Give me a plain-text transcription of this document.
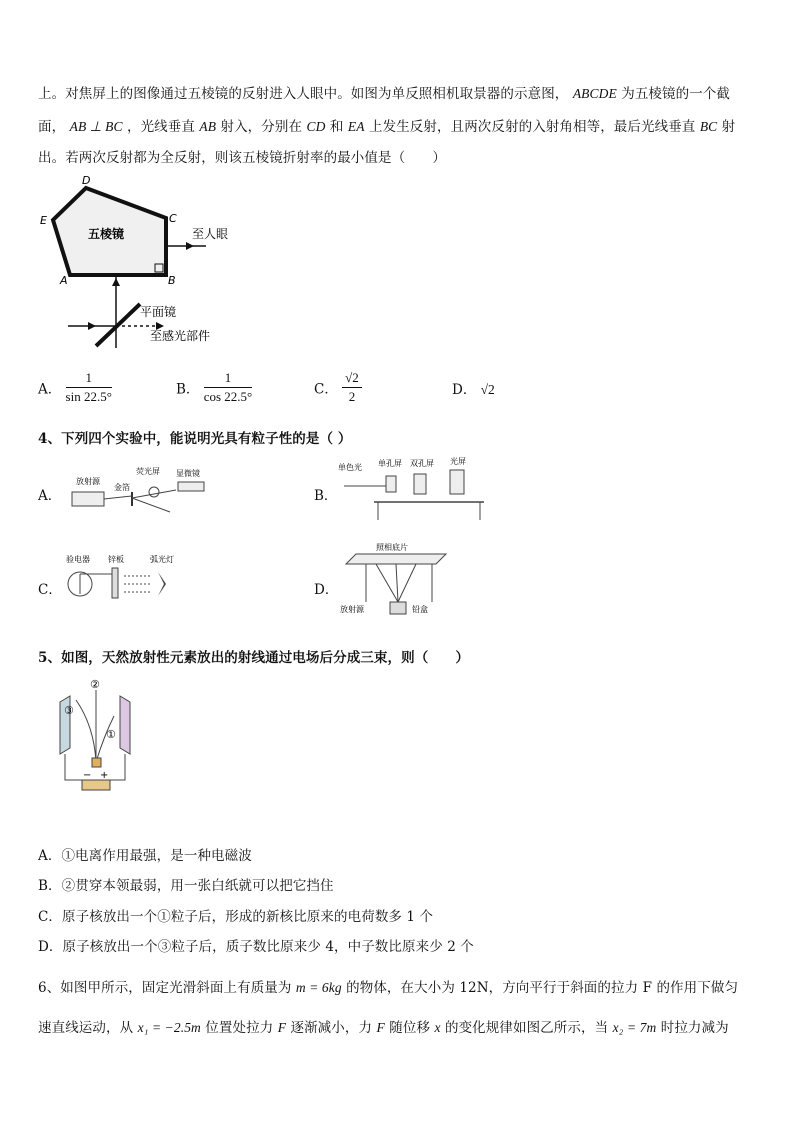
上。对焦屏上的图像通过五棱镜的反射进入人眼中。如图为单反照相机取景器的示意图， ABCDE 为五棱镜的一个截
面， AB ⊥ BC ，光线垂直 AB 射入，分别在 CD 和 EA 上发生反射，且两次反射的入射角相等，最后光线垂直 BC 射
出。若两次反射都为全反射，则该五棱镜折射率的最小值是（　　）
D
C
E
A	B
五棱镜	至人眼
平面镜
至感光部件
A． $\frac{1}{\sin 22.5^\circ}$	B． $\frac{1}{\cos 22.5^\circ}$	C． $\frac{√2}{2}$	D． √2
4、下列四个实验中，能说明光具有粒子性的是（ ）
A．
放射源
荧光屏
金箔
显微镜
B．
单色光 单孔屏 双孔屏 光屏
C．
验电器 锌板	弧光灯
D．
照相底片
放射源	铅盒
5、如图，天然放射性元素放出的射线通过电场后分成三束，则（　　）
②
③
①
− +
A．①电离作用最强，是一种电磁波
B．②贯穿本领最弱，用一张白纸就可以把它挡住
C．原子核放出一个①粒子后，形成的新核比原来的电荷数多 1 个
D．原子核放出一个③粒子后，质子数比原来少 4，中子数比原来少 2 个
6、如图甲所示，固定光滑斜面上有质量为 m = 6kg 的物体，在大小为 12N，方向平行于斜面的拉力 F 的作用下做匀
速直线运动，从 x₁ = −2.5m 位置处拉力 F 逐渐减小，力 F 随位移 x 的变化规律如图乙所示，当 x₂ = 7m 时拉力减为
